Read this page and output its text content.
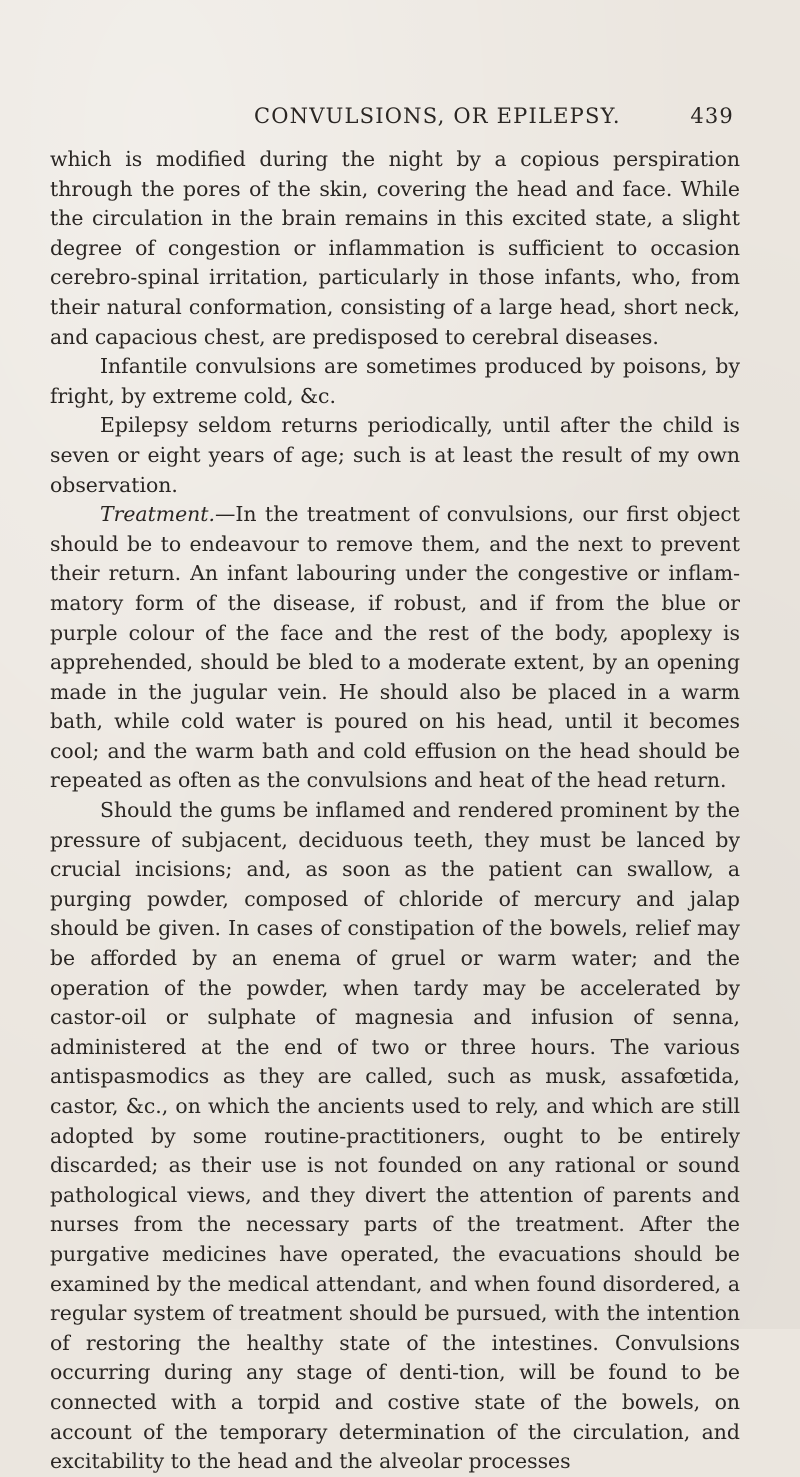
CONVULSIONS, OR EPILEPSY.	439

which is modified during the night by a copious perspiration through the pores of the skin, covering the head and face. While the circulation in the brain remains in this excited state, a slight degree of congestion or inflammation is sufficient to occasion cerebro-spinal irritation, particularly in those infants, who, from their natural conformation, consisting of a large head, short neck, and capacious chest, are predisposed to cerebral diseases.

Infantile convulsions are sometimes produced by poisons, by fright, by extreme cold, &c.

Epilepsy seldom returns periodically, until after the child is seven or eight years of age; such is at least the result of my own observation.

Treatment.—In the treatment of convulsions, our first object should be to endeavour to remove them, and the next to prevent their return. An infant labouring under the congestive or inflam-matory form of the disease, if robust, and if from the blue or purple colour of the face and the rest of the body, apoplexy is apprehended, should be bled to a moderate extent, by an opening made in the jugular vein. He should also be placed in a warm bath, while cold water is poured on his head, until it becomes cool; and the warm bath and cold effusion on the head should be repeated as often as the convulsions and heat of the head return.

Should the gums be inflamed and rendered prominent by the pressure of subjacent, deciduous teeth, they must be lanced by crucial incisions; and, as soon as the patient can swallow, a purging powder, composed of chloride of mercury and jalap should be given. In cases of constipation of the bowels, relief may be afforded by an enema of gruel or warm water; and the operation of the powder, when tardy may be accelerated by castor-oil or sulphate of magnesia and infusion of senna, administered at the end of two or three hours. The various antispasmodics as they are called, such as musk, assafœtida, castor, &c., on which the ancients used to rely, and which are still adopted by some routine-practitioners, ought to be entirely discarded; as their use is not founded on any rational or sound pathological views, and they divert the attention of parents and nurses from the necessary parts of the treatment. After the purgative medicines have operated, the evacuations should be examined by the medical attendant, and when found disordered, a regular system of treatment should be pursued, with the intention of restoring the healthy state of the intestines. Convulsions occurring during any stage of denti-tion, will be found to be connected with a torpid and costive state of the bowels, on account of the temporary determination of the circulation, and excitability to the head and the alveolar processes
